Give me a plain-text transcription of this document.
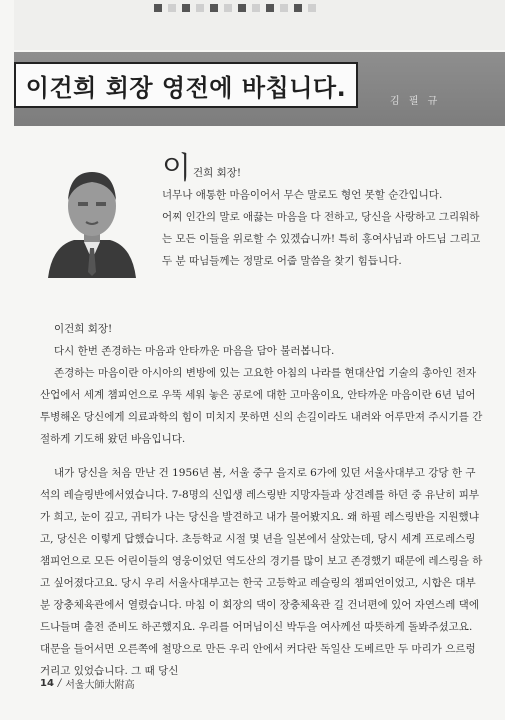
이건희 회장 영전에 바칩니다.	김 필 규

이건희 회장!

너무나 애통한 마음이어서 무슨 말로도 형언 못할 순간입니다.

어찌 인간의 말로 애끓는 마음을 다 전하고, 당신을 사랑하고 그리워하는 모든 이들을 위로할 수 있겠습니까! 특히 홍여사님과 아드님 그리고 두 분 따님들께는 정말로 어줍 말씀을 찾기 힘듭니다.

이건희 회장!

다시 한번 존경하는 마음과 안타까운 마음을 담아 불러봅니다.

존경하는 마음이란 아시아의 변방에 있는 고요한 아침의 나라를 현대산업 기술의 총아인 전자산업에서 세계 챔피언으로 우뚝 세워 놓은 공로에 대한 고마움이요, 안타까운 마음이란 6년 넘어 투병해온 당신에게 의료과학의 힘이 미치지 못하면 신의 손길이라도 내려와 어루만져 주시기를 간절하게 기도해 왔던 바음입니다.

내가 당신을 처음 만난 건 1956년 봄, 서울 중구 을지로 6가에 있던 서울사대부고 강당 한 구석의 레슬링반에서였습니다. 7-8명의 신입생 레스링반 지망자들과 상견례를 하던 중 유난히 피부가 희고, 눈이 깊고, 귀티가 나는 당신을 발견하고 내가 물어봤지요. 왜 하필 레스링반을 지원했냐고, 당신은 이렇게 답했습니다. 초등학교 시절 몇 년을 일본에서 살았는데, 당시 세계 프로레스링 챔피언으로 모든 어린이들의 영웅이었던 역도산의 경기를 많이 보고 존경했기 때문에 레스링을 하고 싶어졌다고요. 당시 우리 서울사대부고는 한국 고등학교 레슬링의 챔피언이었고, 시합은 대부분 장충체육관에서 열렸습니다. 마침 이 회장의 댁이 장충체육관 길 건너편에 있어 자연스레 댁에 드나들며 출전 준비도 하곤했지요. 우리를 어머님이신 박두을 여사께선 따뜻하게 돌봐주셨고요. 대문을 들어서면 오른쪽에 철망으로 만든 우리 안에서 커다란 독일산 도베르만 두 마리가 으르렁거리고 있었습니다. 그 때 당신

14 / 서울大師大附高
